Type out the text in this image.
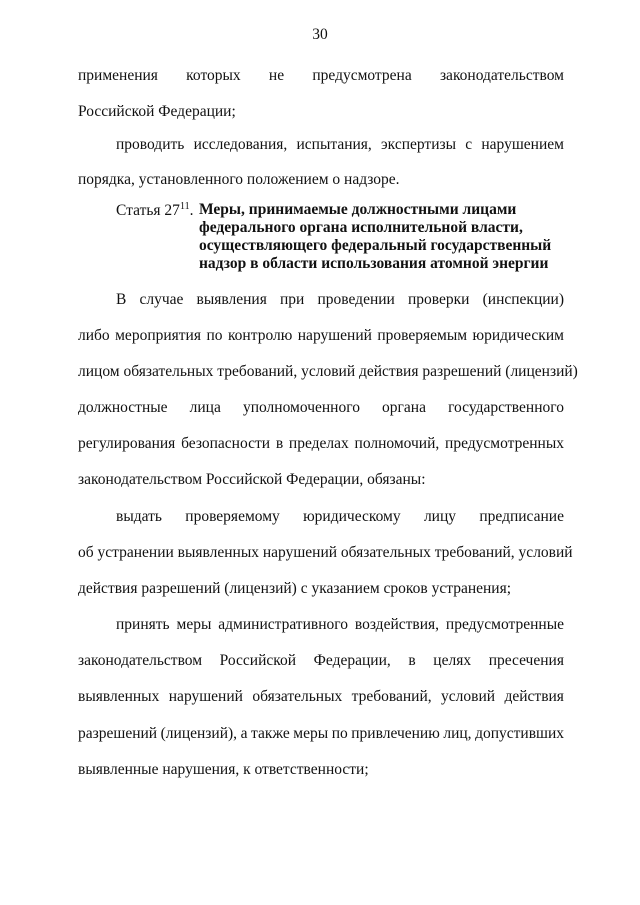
30
применения которых не предусмотрена законодательством
Российской Федерации;
проводить исследования, испытания, экспертизы с нарушением
порядка, установленного положением о надзоре.
Статья $27^{11}$. Меры, принимаемые должностными лицами
федерального органа исполнительной власти,
осуществляющего федеральный государственный
надзор в области использования атомной энергии
В случае выявления при проведении проверки (инспекции)
либо мероприятия по контролю нарушений проверяемым юридическим
лицом обязательных требований, условий действия разрешений (лицензий)
должностные лица уполномоченного органа государственного
регулирования безопасности в пределах полномочий, предусмотренных
законодательством Российской Федерации, обязаны:
выдать проверяемому юридическому лицу предписание
об устранении выявленных нарушений обязательных требований, условий
действия разрешений (лицензий) с указанием сроков устранения;
принять меры административного воздействия, предусмотренные
законодательством Российской Федерации, в целях пресечения
выявленных нарушений обязательных требований, условий действия
разрешений (лицензий), а также меры по привлечению лиц, допустивших
выявленные нарушения, к ответственности;
